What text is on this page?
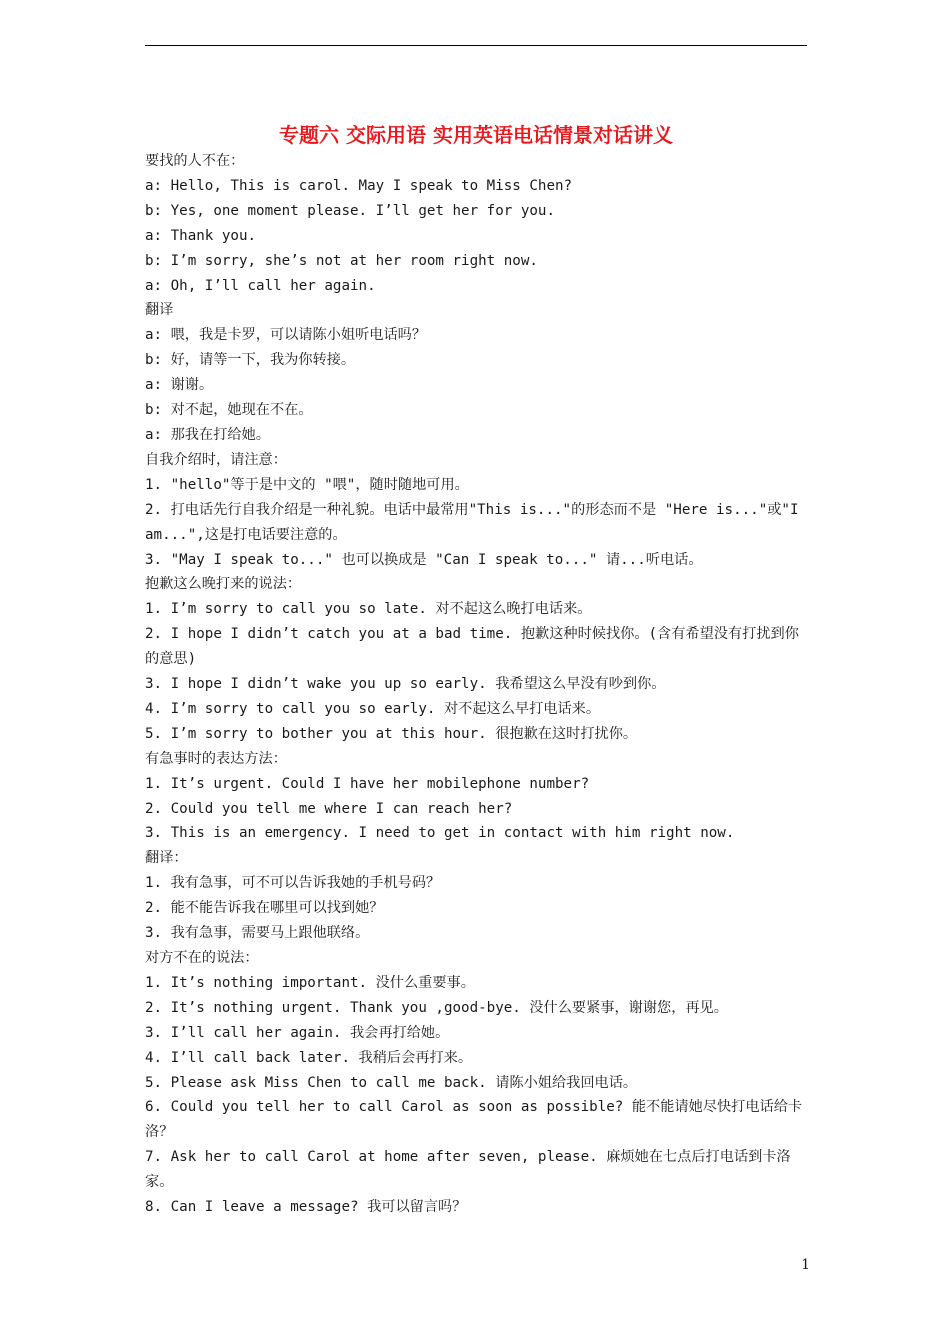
专题六 交际用语 实用英语电话情景对话讲义

要找的人不在：

a: Hello, This is carol. May I speak to Miss Chen?

b: Yes, one moment please. I’ll get her for you.

a: Thank you.

b: I’m sorry, she’s not at her room right now.

a: Oh, I’ll call her again.

翻译

a: 喂，我是卡罗，可以请陈小姐听电话吗？

b: 好，请等一下，我为你转接。

a: 谢谢。

b: 对不起，她现在不在。

a: 那我在打给她。

自我介绍时，请注意：

1. "hello"等于是中文的 "喂"，随时随地可用。

2. 打电话先行自我介绍是一种礼貌。电话中最常用"This is..."的形态而不是 "Here is..."或"I am...",这是打电话要注意的。

3. "May I speak to..." 也可以换成是 "Can I speak to..." 请...听电话。

抱歉这么晚打来的说法：

1. I’m sorry to call you so late. 对不起这么晚打电话来。

2. I hope I didn’t catch you at a bad time. 抱歉这种时候找你。(含有希望没有打扰到你的意思)

3. I hope I didn’t wake you up so early. 我希望这么早没有吵到你。

4. I’m sorry to call you so early. 对不起这么早打电话来。

5. I’m sorry to bother you at this hour. 很抱歉在这时打扰你。

有急事时的表达方法：

1. It’s urgent. Could I have her mobilephone number?

2. Could you tell me where I can reach her?

3. This is an emergency. I need to get in contact with him right now.

翻译：

1. 我有急事，可不可以告诉我她的手机号码？

2. 能不能告诉我在哪里可以找到她？

3. 我有急事，需要马上跟他联络。

对方不在的说法：

1. It’s nothing important. 没什么重要事。

2. It’s nothing urgent. Thank you ,good-bye. 没什么要紧事，谢谢您，再见。

3. I’ll call her again. 我会再打给她。

4. I’ll call back later. 我稍后会再打来。

5. Please ask Miss Chen to call me back. 请陈小姐给我回电话。

6. Could you tell her to call Carol as soon as possible? 能不能请她尽快打电话给卡洛？

7. Ask her to call Carol at home after seven, please. 麻烦她在七点后打电话到卡洛家。

8. Can I leave a message? 我可以留言吗？

1
